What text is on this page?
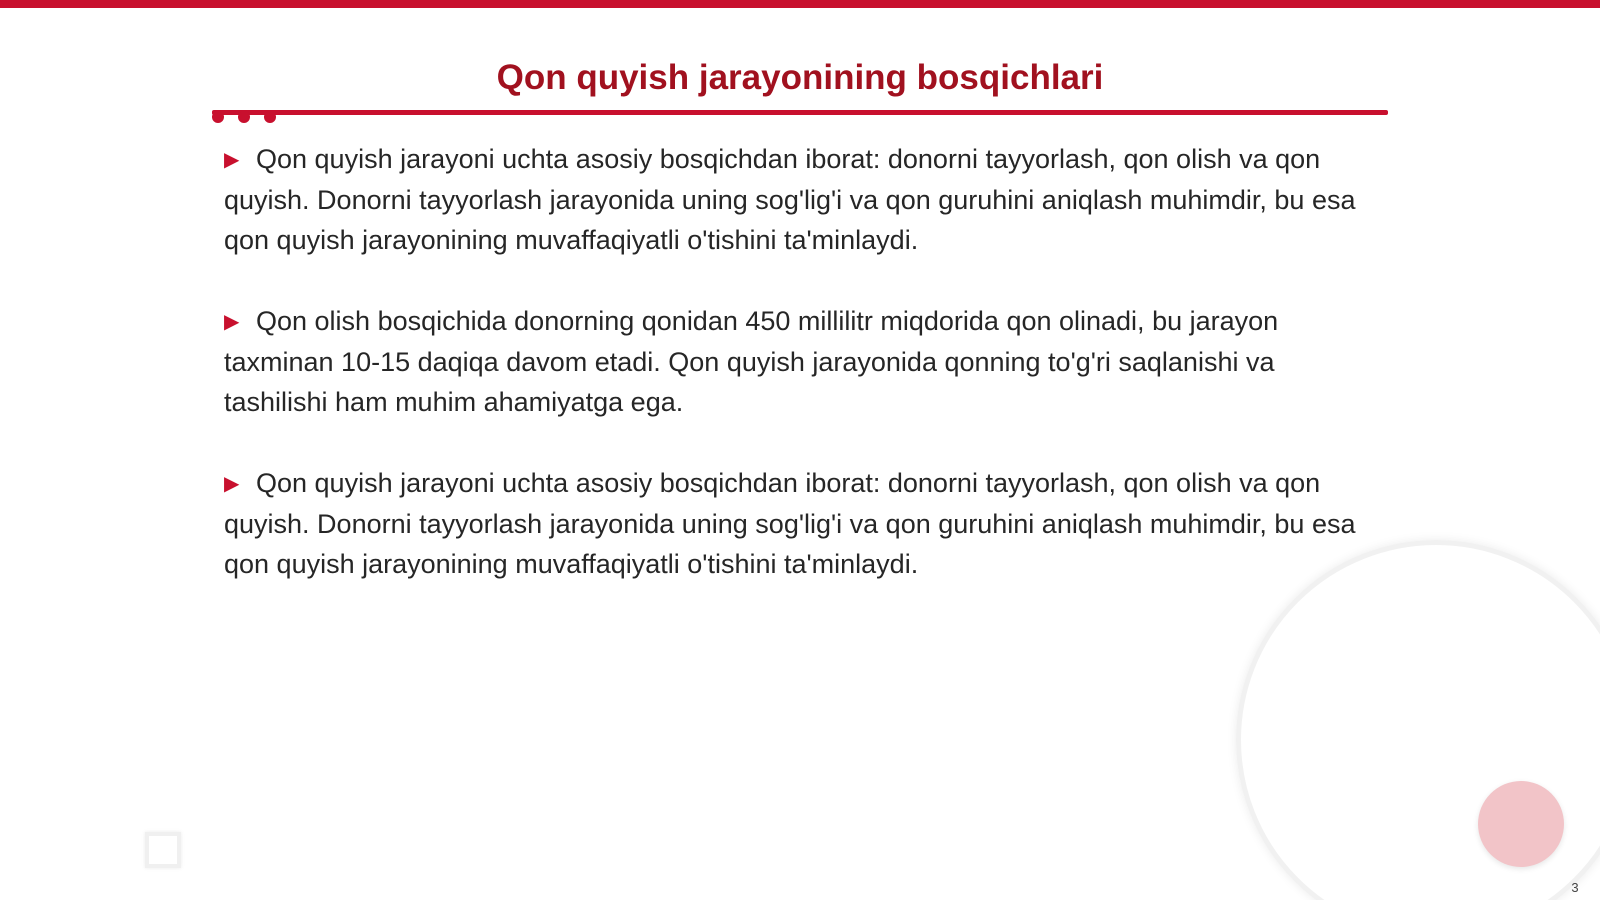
Qon quyish jarayonining bosqichlari

▶ Qon quyish jarayoni uchta asosiy bosqichdan iborat: donorni tayyorlash, qon olish va qon quyish. Donorni tayyorlash jarayonida uning sog'lig'i va qon guruhini aniqlash muhimdir, bu esa qon quyish jarayonining muvaffaqiyatli o'tishini ta'minlaydi.

▶ Qon olish bosqichida donorning qonidan 450 millilitr miqdorida qon olinadi, bu jarayon taxminan 10-15 daqiqa davom etadi. Qon quyish jarayonida qonning to'g'ri saqlanishi va tashilishi ham muhim ahamiyatga ega.

▶ Qon quyish jarayoni uchta asosiy bosqichdan iborat: donorni tayyorlash, qon olish va qon quyish. Donorni tayyorlash jarayonida uning sog'lig'i va qon guruhini aniqlash muhimdir, bu esa qon quyish jarayonining muvaffaqiyatli o'tishini ta'minlaydi.

3
